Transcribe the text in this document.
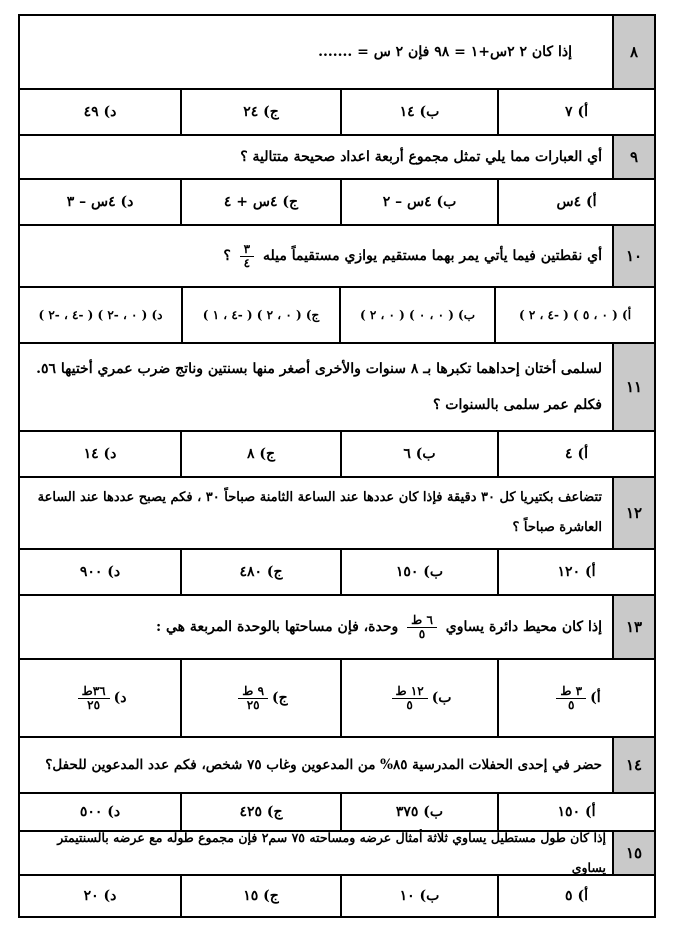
٨
إذا كان ٢ ٢س+١ = ٩٨ فإن ٢ س = .......
أ) ٧
ب) ١٤
ج) ٢٤
د) ٤٩
٩
أي العبارات مما يلي تمثل مجموع أربعة اعداد صحيحة متتالية ؟
أ) ٤س
ب) ٤س – ٢
ج) ٤س + ٤
د) ٤س – ٣
١٠
أي نقطتين فيما يأتي يمر بهما مستقيم يوازي مستقيماً ميله
$\frac{٣}{٤}$
؟
أ) ( ٠ ، ٥ ) ( -٤ ، ٢ )
ب) ( ٠ ، ٠ ) ( ٠ ، ٢ )
ج) ( ٠ ، ٢ ) ( -٤ ، ١ )
د) ( ٠ ، -٢ ) ( -٤ ، -٢ )
١١
لسلمى أختان إحداهما تكبرها بـ ٨ سنوات والأخرى أصغر منها بسنتين وناتج ضرب عمري أختيها ٥٦.
فكلم عمر سلمى بالسنوات ؟
أ) ٤
ب) ٦
ج) ٨
د) ١٤
١٢
تتضاعف بكتيريا كل ٣٠ دقيقة فإذا كان عددها عند الساعة الثامنة صباحاً ٣٠ ، فكم يصبح عددها عند الساعة
العاشرة صباحاً ؟
أ) ١٢٠
ب) ١٥٠
ج) ٤٨٠
د) ٩٠٠
١٣
إذا كان محيط دائرة يساوي
$\frac{\text{٦ ط}}{٥}$
وحدة، فإن مساحتها بالوحدة المربعة هي :
أ)
$\frac{\text{٣ ط}}{٥}$
ب)
$\frac{\text{١٢ ط}}{٥}$
ج)
$\frac{\text{٩ ط}}{٢٥}$
د)
$\frac{\text{٣٦ط}}{٢٥}$
١٤
حضر في إحدى الحفلات المدرسية ٨٥% من المدعوين وغاب ٧٥ شخص، فكم عدد المدعوين للحفل؟
أ) ١٥٠
ب) ٣٧٥
ج) ٤٢٥
د) ٥٠٠
١٥
إذا كان طول مستطيل يساوي ثلاثة أمثال عرضه ومساحته ٧٥ سم٢ فإن مجموع طوله مع عرضه بالسنتيمتر يساوي
أ) ٥
ب) ١٠
ج) ١٥
د) ٢٠
